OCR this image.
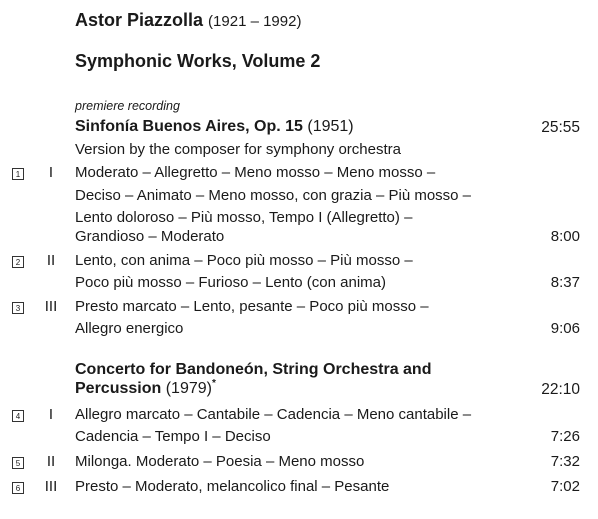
Astor Piazzolla (1921 – 1992)
Symphonic Works, Volume 2
premiere recording
Sinfonía Buenos Aires, Op. 15 (1951)	25:55
Version by the composer for symphony orchestra
1	I	Moderato – Allegretto – Meno mosso – Meno mosso –
Deciso – Animato – Meno mosso, con grazia – Più mosso –
Lento doloroso – Più mosso, Tempo I (Allegretto) –
Grandioso – Moderato	8:00
2	II	Lento, con anima – Poco più mosso – Più mosso –
Poco più mosso – Furioso – Lento (con anima)	8:37
3	III	Presto marcato – Lento, pesante – Poco più mosso –
Allegro energico	9:06
Concerto for Bandoneón, String Orchestra and
Percussion (1979)*	22:10
4	I	Allegro marcato – Cantabile – Cadencia – Meno cantabile –
Cadencia – Tempo I – Deciso	7:26
5	II	Milonga. Moderato – Poesia – Meno mosso	7:32
6	III	Presto – Moderato, melancolico final – Pesante	7:02
